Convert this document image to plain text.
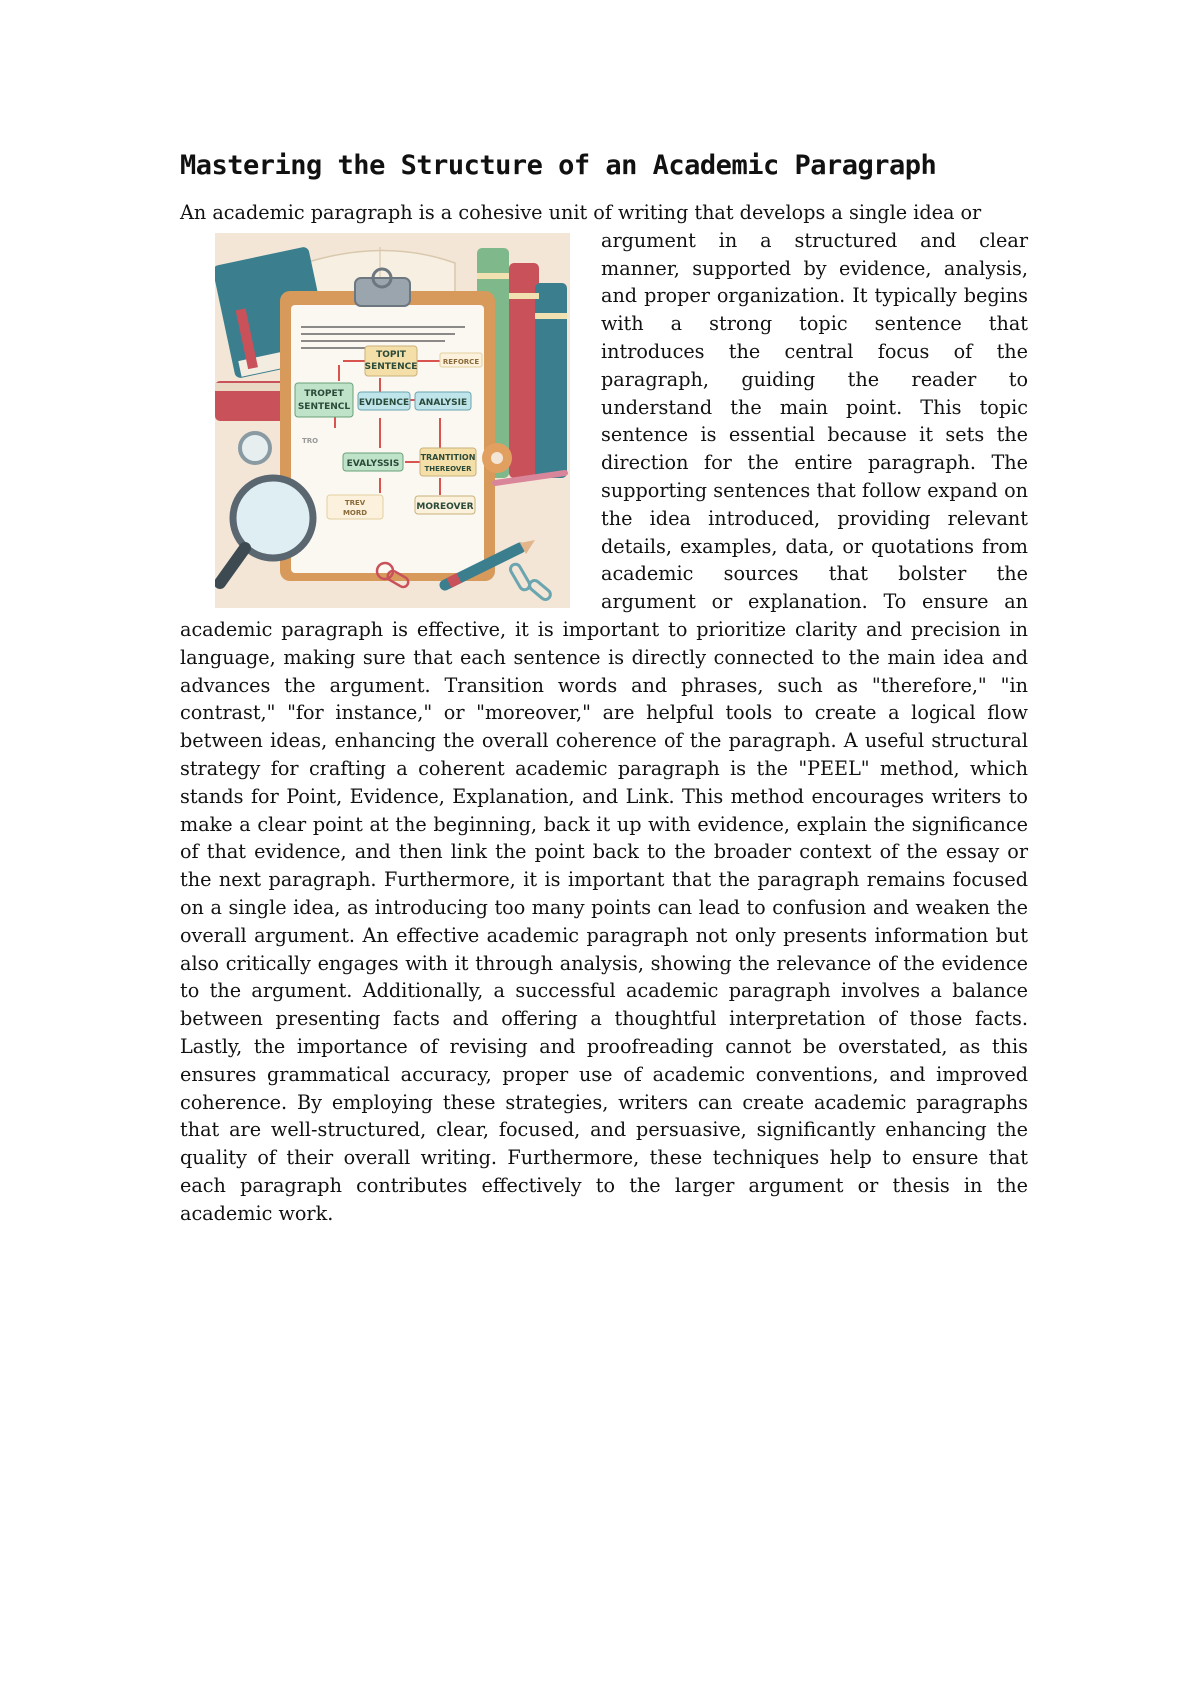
Mastering the Structure of an Academic Paragraph

An academic paragraph is a cohesive unit of writing that develops a single idea or

TOPIT
SENTENCE	REFORCE
TROPET
SENTENCL EVIDENCE ANALYSIE
TRO
EVALYSSIS
TRANTITION
THEREOVER
TREV
MORD
MOREOVER

argument in a structured and clear manner, supported by evidence, analysis, and proper organization. It typically begins with a strong topic sentence that introduces the central focus of the paragraph, guiding the reader to understand the main point. This topic sentence is essential because it sets the direction for the entire paragraph. The supporting sentences that follow expand on the idea introduced, providing relevant details, examples, data, or quotations from academic sources that bolster the argument or explanation. To ensure an academic paragraph is effective, it is important to prioritize clarity and precision in language, making sure that each sentence is directly connected to the main idea and advances the argument. Transition words and phrases, such as "therefore," "in contrast," "for instance," or "moreover," are helpful tools to create a logical flow between ideas, enhancing the overall coherence of the paragraph. A useful structural strategy for crafting a coherent academic paragraph is the "PEEL" method, which stands for Point, Evidence, Explanation, and Link. This method encourages writers to make a clear point at the beginning, back it up with evidence, explain the significance of that evidence, and then link the point back to the broader context of the essay or the next paragraph. Furthermore, it is important that the paragraph remains focused on a single idea, as introducing too many points can lead to confusion and weaken the overall argument. An effective academic paragraph not only presents information but also critically engages with it through analysis, showing the relevance of the evidence to the argument. Additionally, a successful academic paragraph involves a balance between presenting facts and offering a thoughtful interpretation of those facts. Lastly, the importance of revising and proofreading cannot be overstated, as this ensures grammatical accuracy, proper use of academic conventions, and improved coherence. By employing these strategies, writers can create academic paragraphs that are well-structured, clear, focused, and persuasive, significantly enhancing the quality of their overall writing. Furthermore, these techniques help to ensure that each paragraph contributes effectively to the larger argument or thesis in the academic work.
